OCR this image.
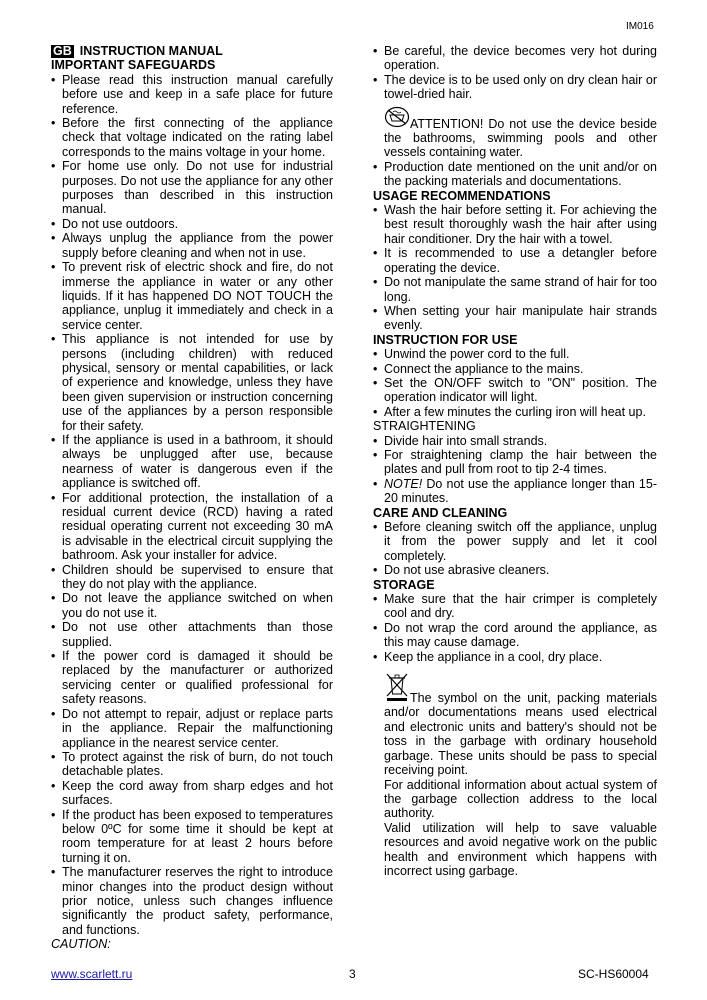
IM016

GB INSTRUCTION MANUAL

IMPORTANT SAFEGUARDS

• Please read this instruction manual carefully before use and keep in a safe place for future reference.
• Before the first connecting of the appliance check that voltage indicated on the rating label corresponds to the mains voltage in your home.
• For home use only. Do not use for industrial purposes. Do not use the appliance for any other purposes than described in this instruction manual.
• Do not use outdoors.
• Always unplug the appliance from the power supply before cleaning and when not in use.
• To prevent risk of electric shock and fire, do not immerse the appliance in water or any other liquids. If it has happened DO NOT TOUCH the appliance, unplug it immediately and check in a service center.
• This appliance is not intended for use by persons (including children) with reduced physical, sensory or mental capabilities, or lack of experience and knowledge, unless they have been given supervision or instruction concerning use of the appliances by a person responsible for their safety.
• If the appliance is used in a bathroom, it should always be unplugged after use, because nearness of water is dangerous even if the appliance is switched off.
• For additional protection, the installation of a residual current device (RCD) having a rated residual operating current not exceeding 30 mA is advisable in the electrical circuit supplying the bathroom. Ask your installer for advice.
• Children should be supervised to ensure that they do not play with the appliance.
• Do not leave the appliance switched on when you do not use it.
• Do not use other attachments than those supplied.
• If the power cord is damaged it should be replaced by the manufacturer or authorized servicing center or qualified professional for safety reasons.
• Do not attempt to repair, adjust or replace parts in the appliance. Repair the malfunctioning appliance in the nearest service center.
• To protect against the risk of burn, do not touch detachable plates.
• Keep the cord away from sharp edges and hot surfaces.
• If the product has been exposed to temperatures below 0ºC for some time it should be kept at room temperature for at least 2 hours before turning it on.
• The manufacturer reserves the right to introduce minor changes into the product design without prior notice, unless such changes influence significantly the product safety, performance, and functions.

CAUTION:

• Be careful, the device becomes very hot during operation.
• The device is to be used only on dry clean hair or towel-dried hair.

ATTENTION! Do not use the device beside the bathrooms, swimming pools and other vessels containing water.

• Production date mentioned on the unit and/or on the packing materials and documentations.

USAGE RECOMMENDATIONS

• Wash the hair before setting it. For achieving the best result thoroughly wash the hair after using hair conditioner. Dry the hair with a towel.
• It is recommended to use a detangler before operating the device.
• Do not manipulate the same strand of hair for too long.
• When setting your hair manipulate hair strands evenly.

INSTRUCTION FOR USE

• Unwind the power cord to the full.
• Connect the appliance to the mains.
• Set the ON/OFF switch to "ON" position. The operation indicator will light.
• After a few minutes the curling iron will heat up.

STRAIGHTENING

• Divide hair into small strands.
• For straightening clamp the hair between the plates and pull from root to tip 2-4 times.
• NOTE! Do not use the appliance longer than 15-20 minutes.

CARE AND CLEANING

• Before cleaning switch off the appliance, unplug it from the power supply and let it cool completely.
• Do not use abrasive cleaners.

STORAGE

• Make sure that the hair crimper is completely cool and dry.
• Do not wrap the cord around the appliance, as this may cause damage.
• Keep the appliance in a cool, dry place.
The symbol on the unit, packing materials and/or documentations means used electrical and electronic units and battery's should not be toss in the garbage with ordinary household garbage. These units should be pass to special receiving point.

For additional information about actual system of the garbage collection address to the local authority.

Valid utilization will help to save valuable resources and avoid negative work on the public health and environment which happens with incorrect using garbage.

www.scarlett.ru	3	SC-HS60004
